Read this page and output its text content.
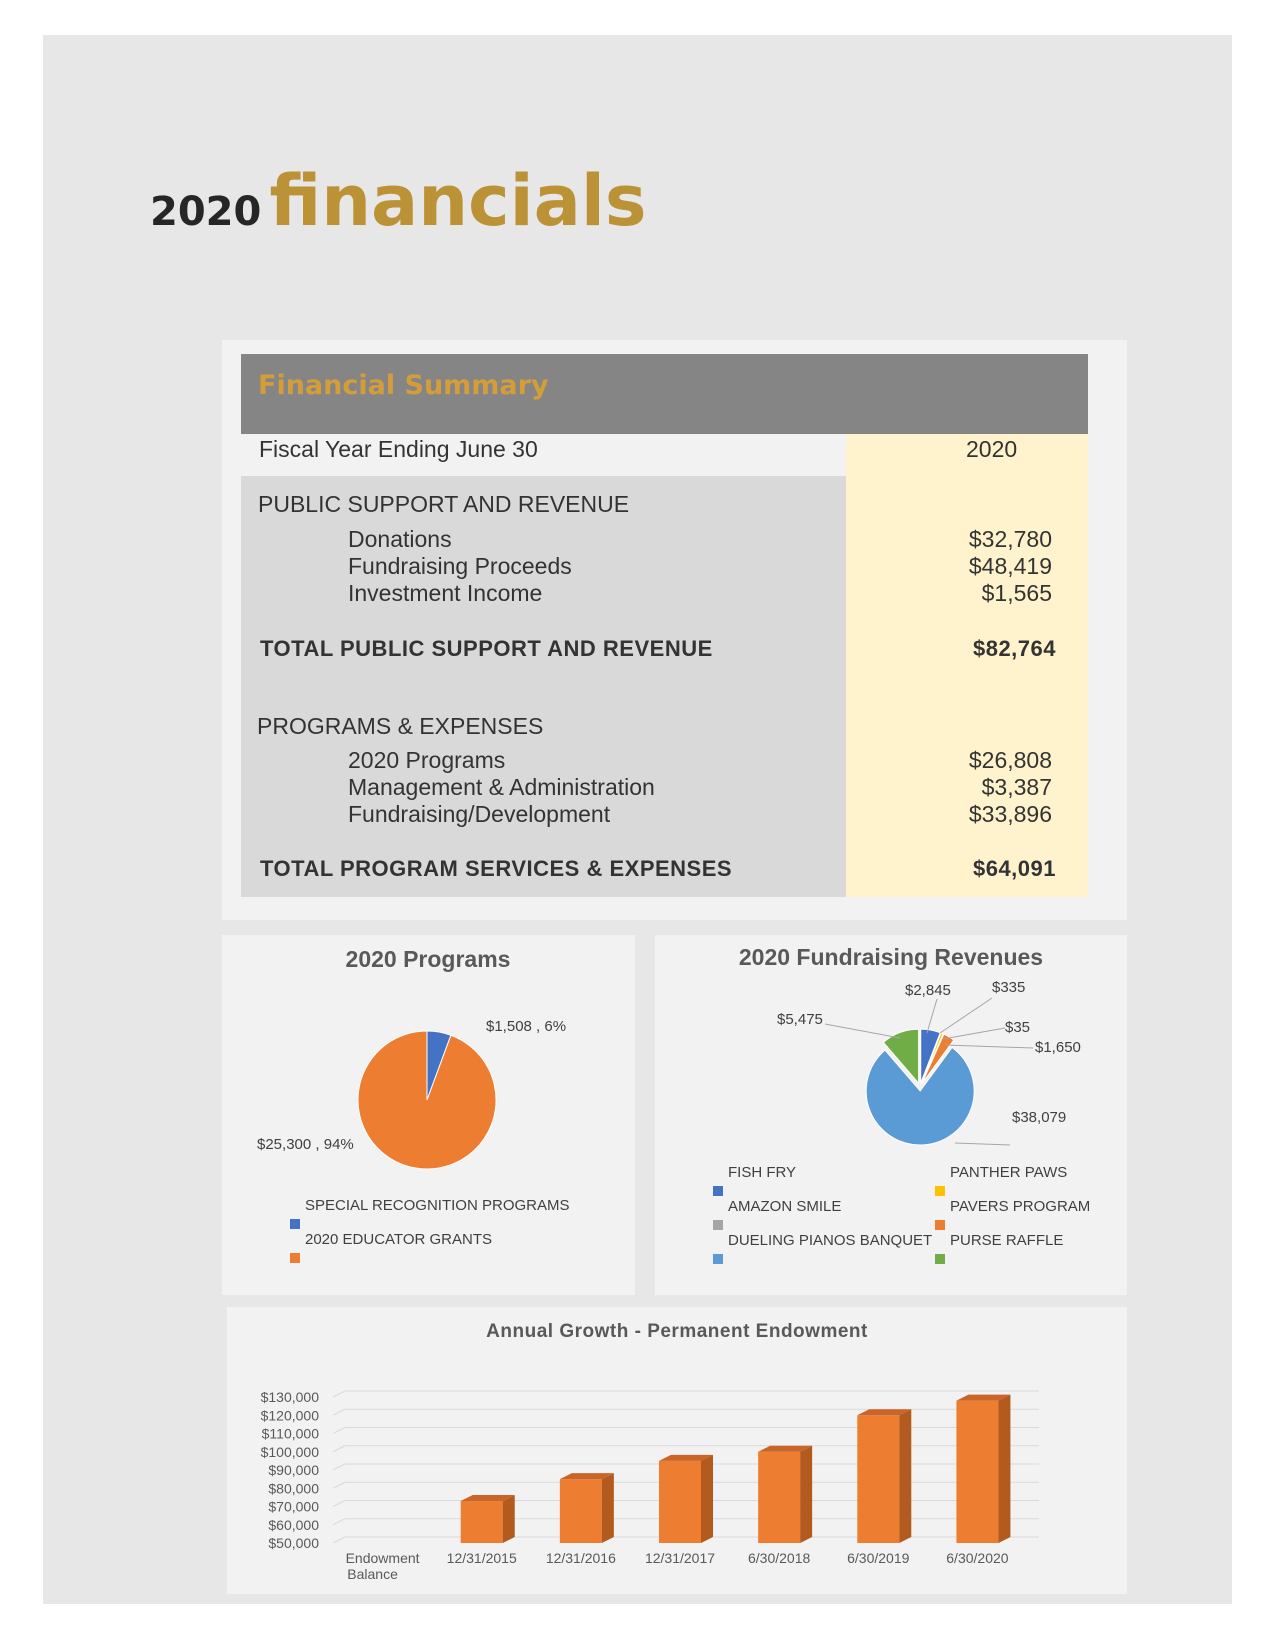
2020 financials
Financial Summary
Fiscal Year Ending June 30	2020
PUBLIC SUPPORT AND REVENUE
Donations	$32,780
Fundraising Proceeds	$48,419
Investment Income	$1,565
TOTAL PUBLIC SUPPORT AND REVENUE	$82,764
PROGRAMS & EXPENSES
2020 Programs	$26,808
Management & Administration	$3,387
Fundraising/Development	$33,896
TOTAL PROGRAM SERVICES & EXPENSES	$64,091
2020 Programs
$1,508 , 6%
$25,300 , 94%
SPECIAL RECOGNITION PROGRAMS
2020 EDUCATOR GRANTS
2020 Fundraising Revenues
$2,845	$335
$35
$1,650
$38,079
$5,475
FISH FRY	PANTHER PAWS
AMAZON SMILE	PAVERS PROGRAM
DUELING PIANOS BANQUET PURSE RAFFLE
Annual Growth - Permanent Endowment
$50,000
$60,000
$70,000
$80,000
$90,000
$100,000
$110,000
$120,000
$130,000
Endowment
Balance
12/31/2015 12/31/2016 12/31/2017 6/30/2018	6/30/2019	6/30/2020
